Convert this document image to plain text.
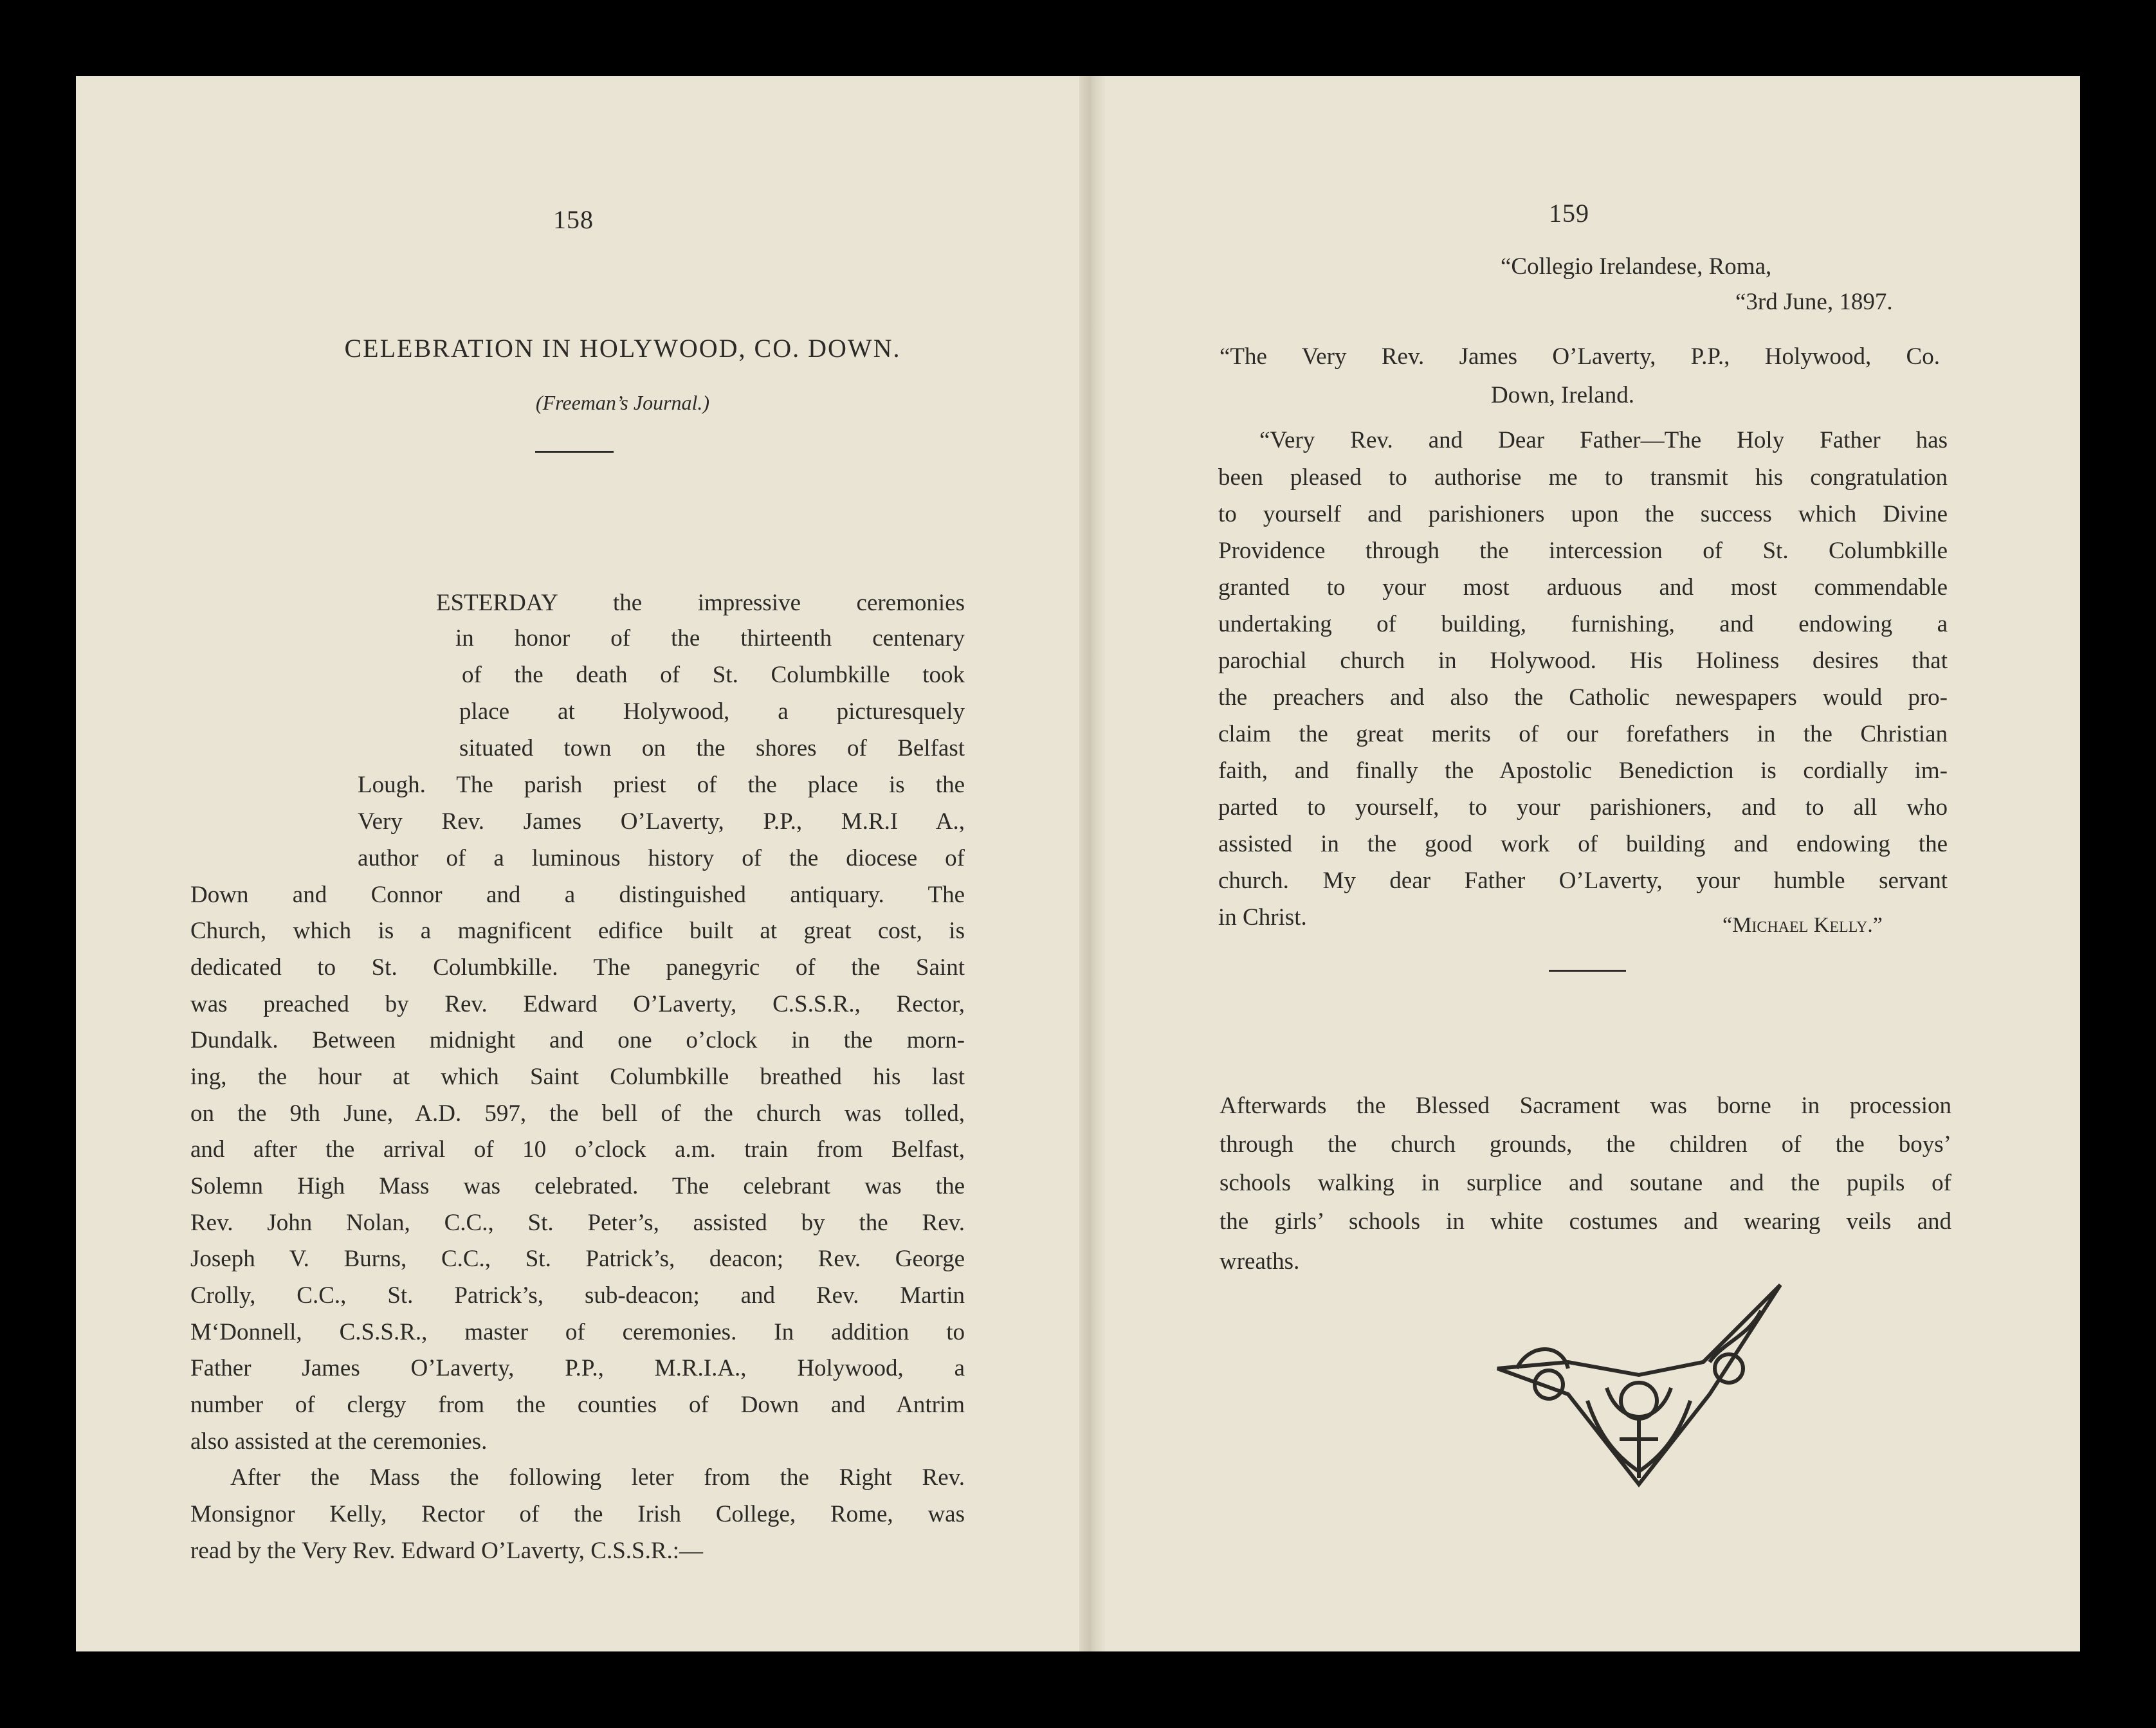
158
CELEBRATION IN HOLYWOOD, CO. DOWN.
(Freeman’s Journal.)
ESTERDAY the impressive ceremonies
in honor of the thirteenth centenary
of the death of St. Columbkille took
place at Holywood, a picturesquely
situated town on the shores of Belfast
Lough. The parish priest of the place is the
Very Rev. James O’Laverty, P.P., M.R.I A.,
author of a luminous history of the diocese of
Down and Connor and a distinguished antiquary. The
Church, which is a magnificent edifice built at great cost, is
dedicated to St. Columbkille. The panegyric of the Saint
was preached by Rev. Edward O’Laverty, C.S.S.R., Rector,
Dundalk. Between midnight and one o’clock in the morn-
ing, the hour at which Saint Columbkille breathed his last
on the 9th June, A.D. 597, the bell of the church was tolled,
and after the arrival of 10 o’clock a.m. train from Belfast,
Solemn High Mass was celebrated. The celebrant was the
Rev. John Nolan, C.C., St. Peter’s, assisted by the Rev.
Joseph V. Burns, C.C., St. Patrick’s, deacon; Rev. George
Crolly, C.C., St. Patrick’s, sub-deacon; and Rev. Martin
M‘Donnell, C.S.S.R., master of ceremonies. In addition to
Father James O’Laverty, P.P., M.R.I.A., Holywood, a
number of clergy from the counties of Down and Antrim
also assisted at the ceremonies.
After the Mass the following leter from the Right Rev.
Monsignor Kelly, Rector of the Irish College, Rome, was
read by the Very Rev. Edward O’Laverty, C.S.S.R.:—
159
“Collegio Irelandese, Roma,
“3rd June, 1897.
“The Very Rev. James O’Laverty, P.P., Holywood, Co.
Down, Ireland.
“Very Rev. and Dear Father—The Holy Father has
been pleased to authorise me to transmit his congratulation
to yourself and parishioners upon the success which Divine
Providence through the intercession of St. Columbkille
granted to your most arduous and most commendable
undertaking of building, furnishing, and endowing a
parochial church in Holywood. His Holiness desires that
the preachers and also the Catholic newespapers would pro-
claim the great merits of our forefathers in the Christian
faith, and finally the Apostolic Benediction is cordially im-
parted to yourself, to your parishioners, and to all who
assisted in the good work of building and endowing the
church. My dear Father O’Laverty, your humble servant
in Christ.	“Michael Kelly.”
Afterwards the Blessed Sacrament was borne in procession
through the church grounds, the children of the boys’
schools walking in surplice and soutane and the pupils of
the girls’ schools in white costumes and wearing veils and
wreaths.
